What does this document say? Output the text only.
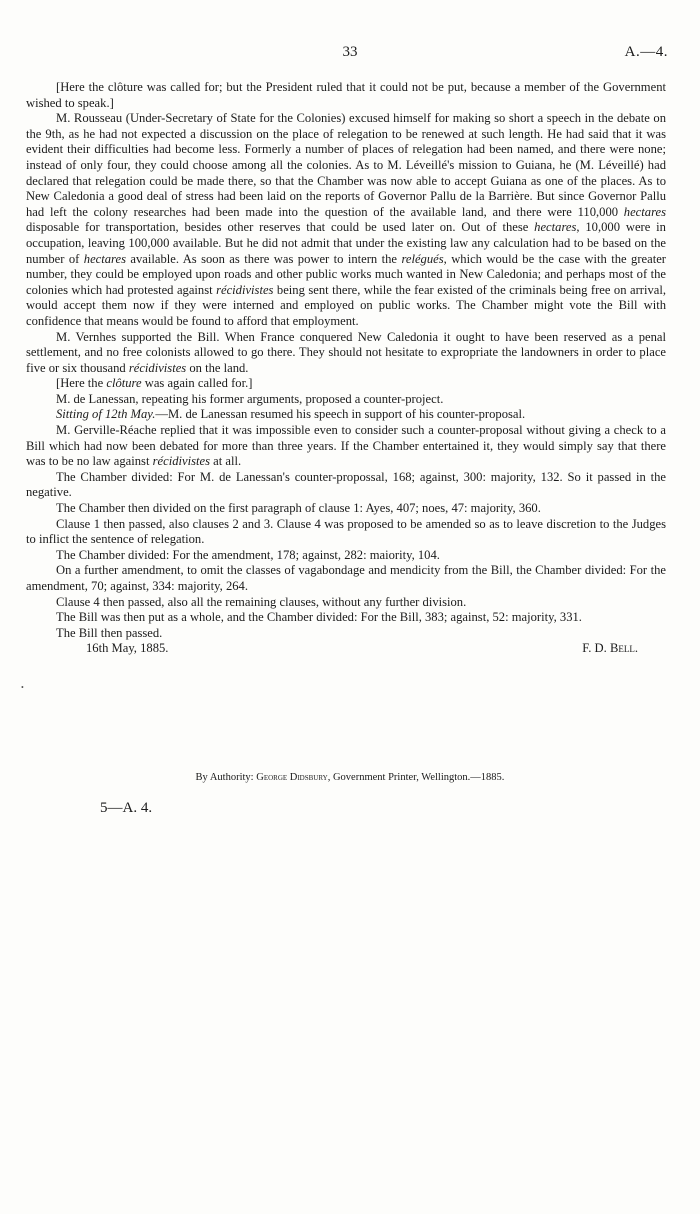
33	A.—4.

[Here the clôture was called for; but the President ruled that it could not be put, because a member of the Government wished to speak.]

M. Rousseau (Under-Secretary of State for the Colonies) excused himself for making so short a speech in the debate on the 9th, as he had not expected a discussion on the place of relegation to be renewed at such length. He had said that it was evident their difficulties had become less. Formerly a number of places of relegation had been named, and there were none; instead of only four, they could choose among all the colonies. As to M. Léveillé's mission to Guiana, he (M. Léveillé) had declared that relegation could be made there, so that the Chamber was now able to accept Guiana as one of the places. As to New Caledonia a good deal of stress had been laid on the reports of Governor Pallu de la Barrière. But since Governor Pallu had left the colony researches had been made into the question of the available land, and there were 110,000 hectares disposable for transportation, besides other reserves that could be used later on. Out of these hectares, 10,000 were in occupation, leaving 100,000 available. But he did not admit that under the existing law any calculation had to be based on the number of hectares available. As soon as there was power to intern the relégués, which would be the case with the greater number, they could be employed upon roads and other public works much wanted in New Caledonia; and perhaps most of the colonies which had protested against récidivistes being sent there, while the fear existed of the criminals being free on arrival, would accept them now if they were interned and employed on public works. The Chamber might vote the Bill with confidence that means would be found to afford that employment.

M. Vernhes supported the Bill. When France conquered New Caledonia it ought to have been reserved as a penal settlement, and no free colonists allowed to go there. They should not hesitate to expropriate the landowners in order to place five or six thousand récidivistes on the land.

[Here the clôture was again called for.]

M. de Lanessan, repeating his former arguments, proposed a counter-project.

Sitting of 12th May.—M. de Lanessan resumed his speech in support of his counter-proposal.

M. Gerville-Réache replied that it was impossible even to consider such a counter-proposal without giving a check to a Bill which had now been debated for more than three years. If the Chamber entertained it, they would simply say that there was to be no law against récidivistes at all.

The Chamber divided: For M. de Lanessan's counter-propossal, 168; against, 300: majority, 132. So it passed in the negative.

The Chamber then divided on the first paragraph of clause 1: Ayes, 407; noes, 47: majority, 360.

Clause 1 then passed, also clauses 2 and 3. Clause 4 was proposed to be amended so as to leave discretion to the Judges to inflict the sentence of relegation.

The Chamber divided: For the amendment, 178; against, 282: maiority, 104.

On a further amendment, to omit the classes of vagabondage and mendicity from the Bill, the Chamber divided: For the amendment, 70; against, 334: majority, 264.

Clause 4 then passed, also all the remaining clauses, without any further division.

The Bill was then put as a whole, and the Chamber divided: For the Bill, 383; against, 52: majority, 331.

The Bill then passed.

16th May, 1885.	F. D. Bell.

•
By Authority: George Didsbury, Government Printer, Wellington.—1885.
5—A. 4.
